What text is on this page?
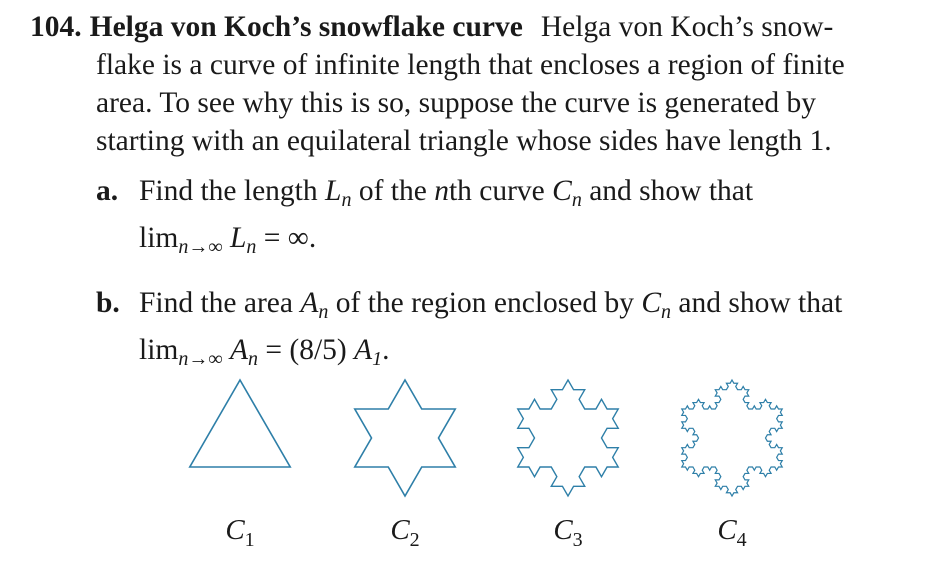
104. Helga von Koch’s snowflake curve Helga von Koch’s snow-
flake is a curve of infinite length that encloses a region of finite
area. To see why this is so, suppose the curve is generated by
starting with an equilateral triangle whose sides have length 1.
a. Find the length $L_n$ of the nth curve $C_n$ and show that
$\lim_{n\to\infty} L_n$ = ∞.
b. Find the area $A_n$ of the region enclosed by $C_n$ and show that
$\lim_{n\to\infty} A_n = (8/5)$ $A_1$.
$C_1$	$C_2$	$C_3$	$C_4$
